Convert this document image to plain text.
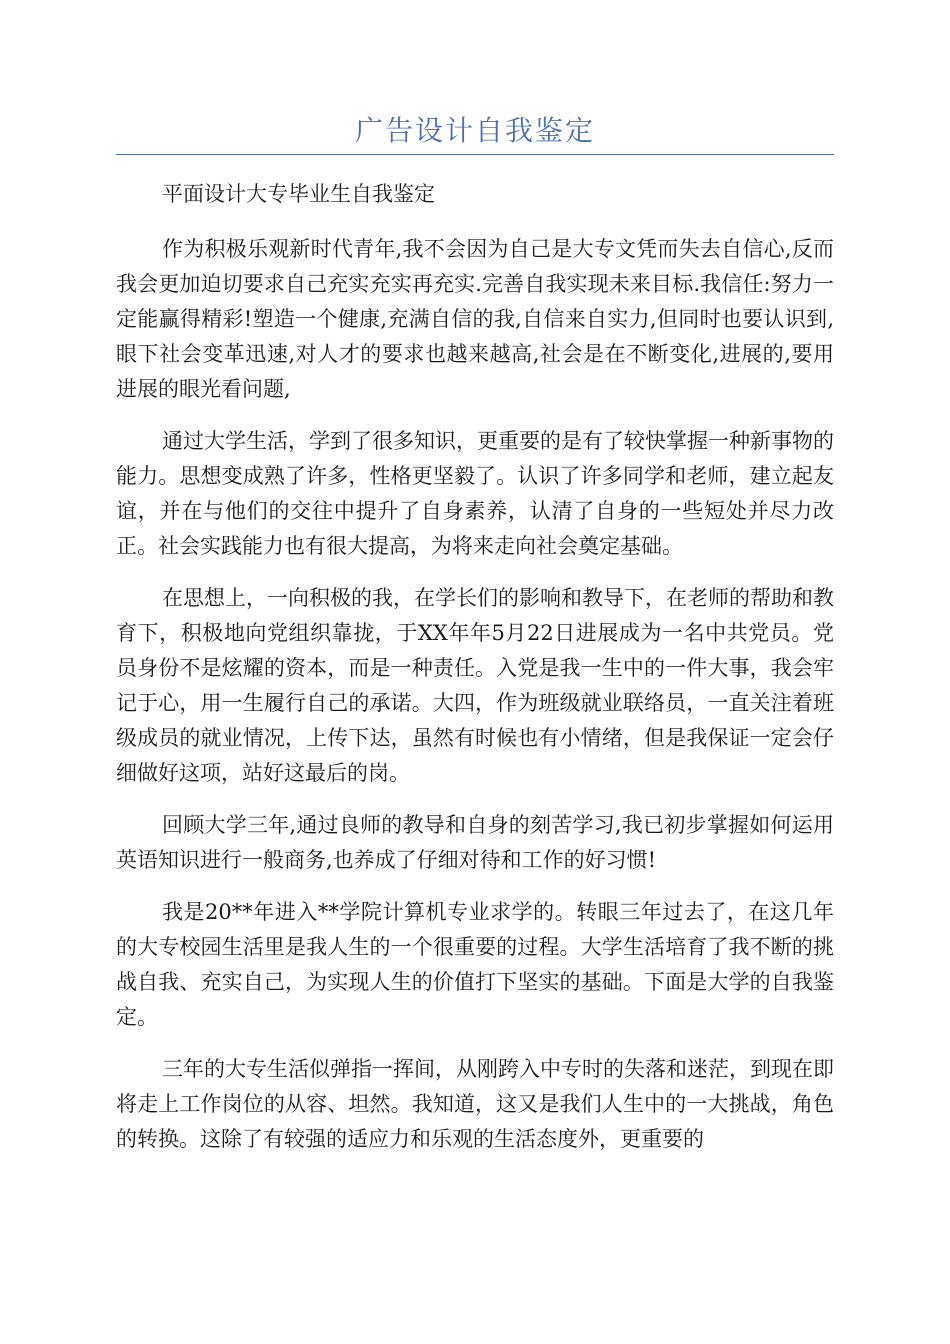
广告设计自我鉴定

平面设计大专毕业生自我鉴定

作为积极乐观新时代青年,我不会因为自己是大专文凭而失去自信心,反而我会更加迫切要求自己充实充实再充实.完善自我实现未来目标.我信任:努力一定能赢得精彩!塑造一个健康,充满自信的我,自信来自实力,但同时也要认识到,眼下社会变革迅速,对人才的要求也越来越高,社会是在不断变化,进展的,要用进展的眼光看问题,

通过大学生活，学到了很多知识，更重要的是有了较快掌握一种新事物的能力。思想变成熟了许多，性格更坚毅了。认识了许多同学和老师，建立起友谊，并在与他们的交往中提升了自身素养，认清了自身的一些短处并尽力改正。社会实践能力也有很大提高，为将来走向社会奠定基础。

在思想上，一向积极的我，在学长们的影响和教导下，在老师的帮助和教育下，积极地向党组织靠拢，于XX年年5月22日进展成为一名中共党员。党员身份不是炫耀的资本，而是一种责任。入党是我一生中的一件大事，我会牢记于心，用一生履行自己的承诺。大四，作为班级就业联络员，一直关注着班级成员的就业情况，上传下达，虽然有时候也有小情绪，但是我保证一定会仔细做好这项，站好这最后的岗。

回顾大学三年,通过良师的教导和自身的刻苦学习,我已初步掌握如何运用英语知识进行一般商务,也养成了仔细对待和工作的好习惯!

我是20**年进入**学院计算机专业求学的。转眼三年过去了，在这几年的大专校园生活里是我人生的一个很重要的过程。大学生活培育了我不断的挑战自我、充实自己，为实现人生的价值打下坚实的基础。下面是大学的自我鉴定。

三年的大专生活似弹指一挥间，从刚跨入中专时的失落和迷茫，到现在即将走上工作岗位的从容、坦然。我知道，这又是我们人生中的一大挑战，角色的转换。这除了有较强的适应力和乐观的生活态度外，更重要的
